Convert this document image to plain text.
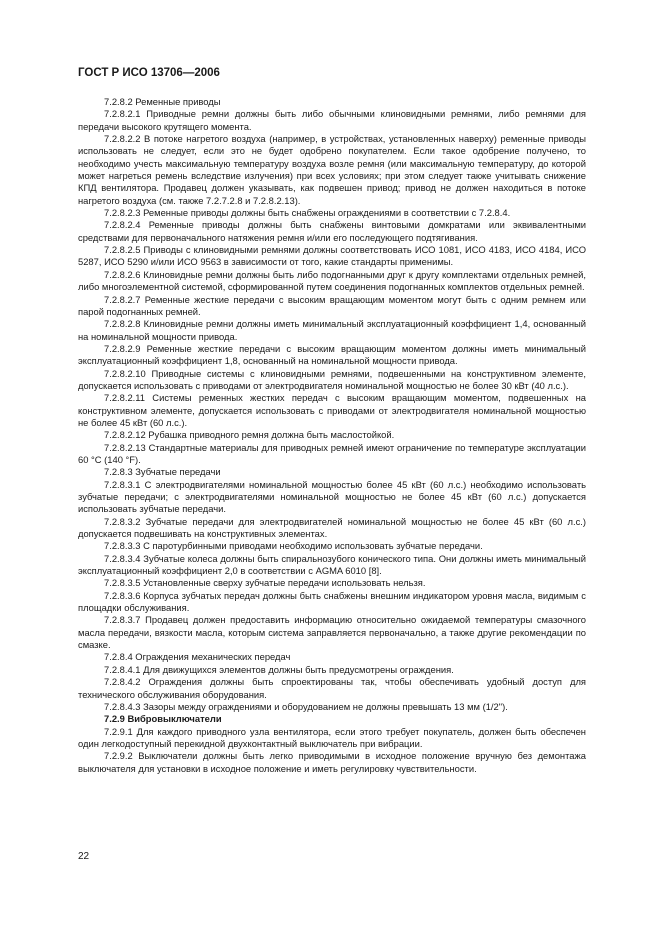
ГОСТ Р ИСО 13706—2006

7.2.8.2 Ременные приводы

7.2.8.2.1 Приводные ремни должны быть либо обычными клиновидными ремнями, либо ремнями для передачи высокого крутящего момента.

7.2.8.2.2 В потоке нагретого воздуха (например, в устройствах, установленных наверху) ременные приводы использовать не следует, если это не будет одобрено покупателем. Если такое одобрение получено, то необходимо учесть максимальную температуру воздуха возле ремня (или максимальную температуру, до которой может нагреться ремень вследствие излучения) при всех условиях; при этом следует также учитывать снижение КПД вентилятора. Продавец должен указывать, как подвешен привод; привод не должен находиться в потоке нагретого воздуха (см. также 7.2.7.2.8 и 7.2.8.2.13).

7.2.8.2.3 Ременные приводы должны быть снабжены ограждениями в соответствии с 7.2.8.4.

7.2.8.2.4 Ременные приводы должны быть снабжены винтовыми домкратами или эквивалентными средствами для первоначального натяжения ремня и/или его последующего подтягивания.

7.2.8.2.5 Приводы с клиновидными ремнями должны соответствовать ИСО 1081, ИСО 4183, ИСО 4184, ИСО 5287, ИСО 5290 и/или ИСО 9563 в зависимости от того, какие стандарты применимы.

7.2.8.2.6 Клиновидные ремни должны быть либо подогнанными друг к другу комплектами отдельных ремней, либо многоэлементной системой, сформированной путем соединения подогнанных комплектов отдельных ремней.

7.2.8.2.7 Ременные жесткие передачи с высоким вращающим моментом могут быть с одним ремнем или парой подогнанных ремней.

7.2.8.2.8 Клиновидные ремни должны иметь минимальный эксплуатационный коэффициент 1,4, основанный на номинальной мощности привода.

7.2.8.2.9 Ременные жесткие передачи с высоким вращающим моментом должны иметь минимальный эксплуатационный коэффициент 1,8, основанный на номинальной мощности привода.

7.2.8.2.10 Приводные системы с клиновидными ремнями, подвешенными на конструктивном элементе, допускается использовать с приводами от электродвигателя номинальной мощностью не более 30 кВт (40 л.с.).

7.2.8.2.11 Системы ременных жестких передач с высоким вращающим моментом, подвешенных на конструктивном элементе, допускается использовать с приводами от электродвигателя номинальной мощностью не более 45 кВт (60 л.с.).

7.2.8.2.12 Рубашка приводного ремня должна быть маслостойкой.

7.2.8.2.13 Стандартные материалы для приводных ремней имеют ограничение по температуре эксплуатации 60 °C (140 °F).

7.2.8.3 Зубчатые передачи

7.2.8.3.1 С электродвигателями номинальной мощностью более 45 кВт (60 л.с.) необходимо использовать зубчатые передачи; с электродвигателями номинальной мощностью не более 45 кВт (60 л.с.) допускается использовать зубчатые передачи.

7.2.8.3.2 Зубчатые передачи для электродвигателей номинальной мощностью не более 45 кВт (60 л.с.) допускается подвешивать на конструктивных элементах.

7.2.8.3.3 С паротурбинными приводами необходимо использовать зубчатые передачи.

7.2.8.3.4 Зубчатые колеса должны быть спиральнозубого конического типа. Они должны иметь минимальный эксплуатационный коэффициент 2,0 в соответствии с AGMA 6010 [8].

7.2.8.3.5 Установленные сверху зубчатые передачи использовать нельзя.

7.2.8.3.6 Корпуса зубчатых передач должны быть снабжены внешним индикатором уровня масла, видимым с площадки обслуживания.

7.2.8.3.7 Продавец должен предоставить информацию относительно ожидаемой температуры смазочного масла передачи, вязкости масла, которым система заправляется первоначально, а также другие рекомендации по смазке.

7.2.8.4 Ограждения механических передач

7.2.8.4.1 Для движущихся элементов должны быть предусмотрены ограждения.

7.2.8.4.2 Ограждения должны быть спроектированы так, чтобы обеспечивать удобный доступ для технического обслуживания оборудования.

7.2.8.4.3 Зазоры между ограждениями и оборудованием не должны превышать 13 мм (1/2").

7.2.9 Вибровыключатели

7.2.9.1 Для каждого приводного узла вентилятора, если этого требует покупатель, должен быть обеспечен один легкодоступный перекидной двухконтактный выключатель при вибрации.

7.2.9.2 Выключатели должны быть легко приводимыми в исходное положение вручную без демонтажа выключателя для установки в исходное положение и иметь регулировку чувствительности.

22
